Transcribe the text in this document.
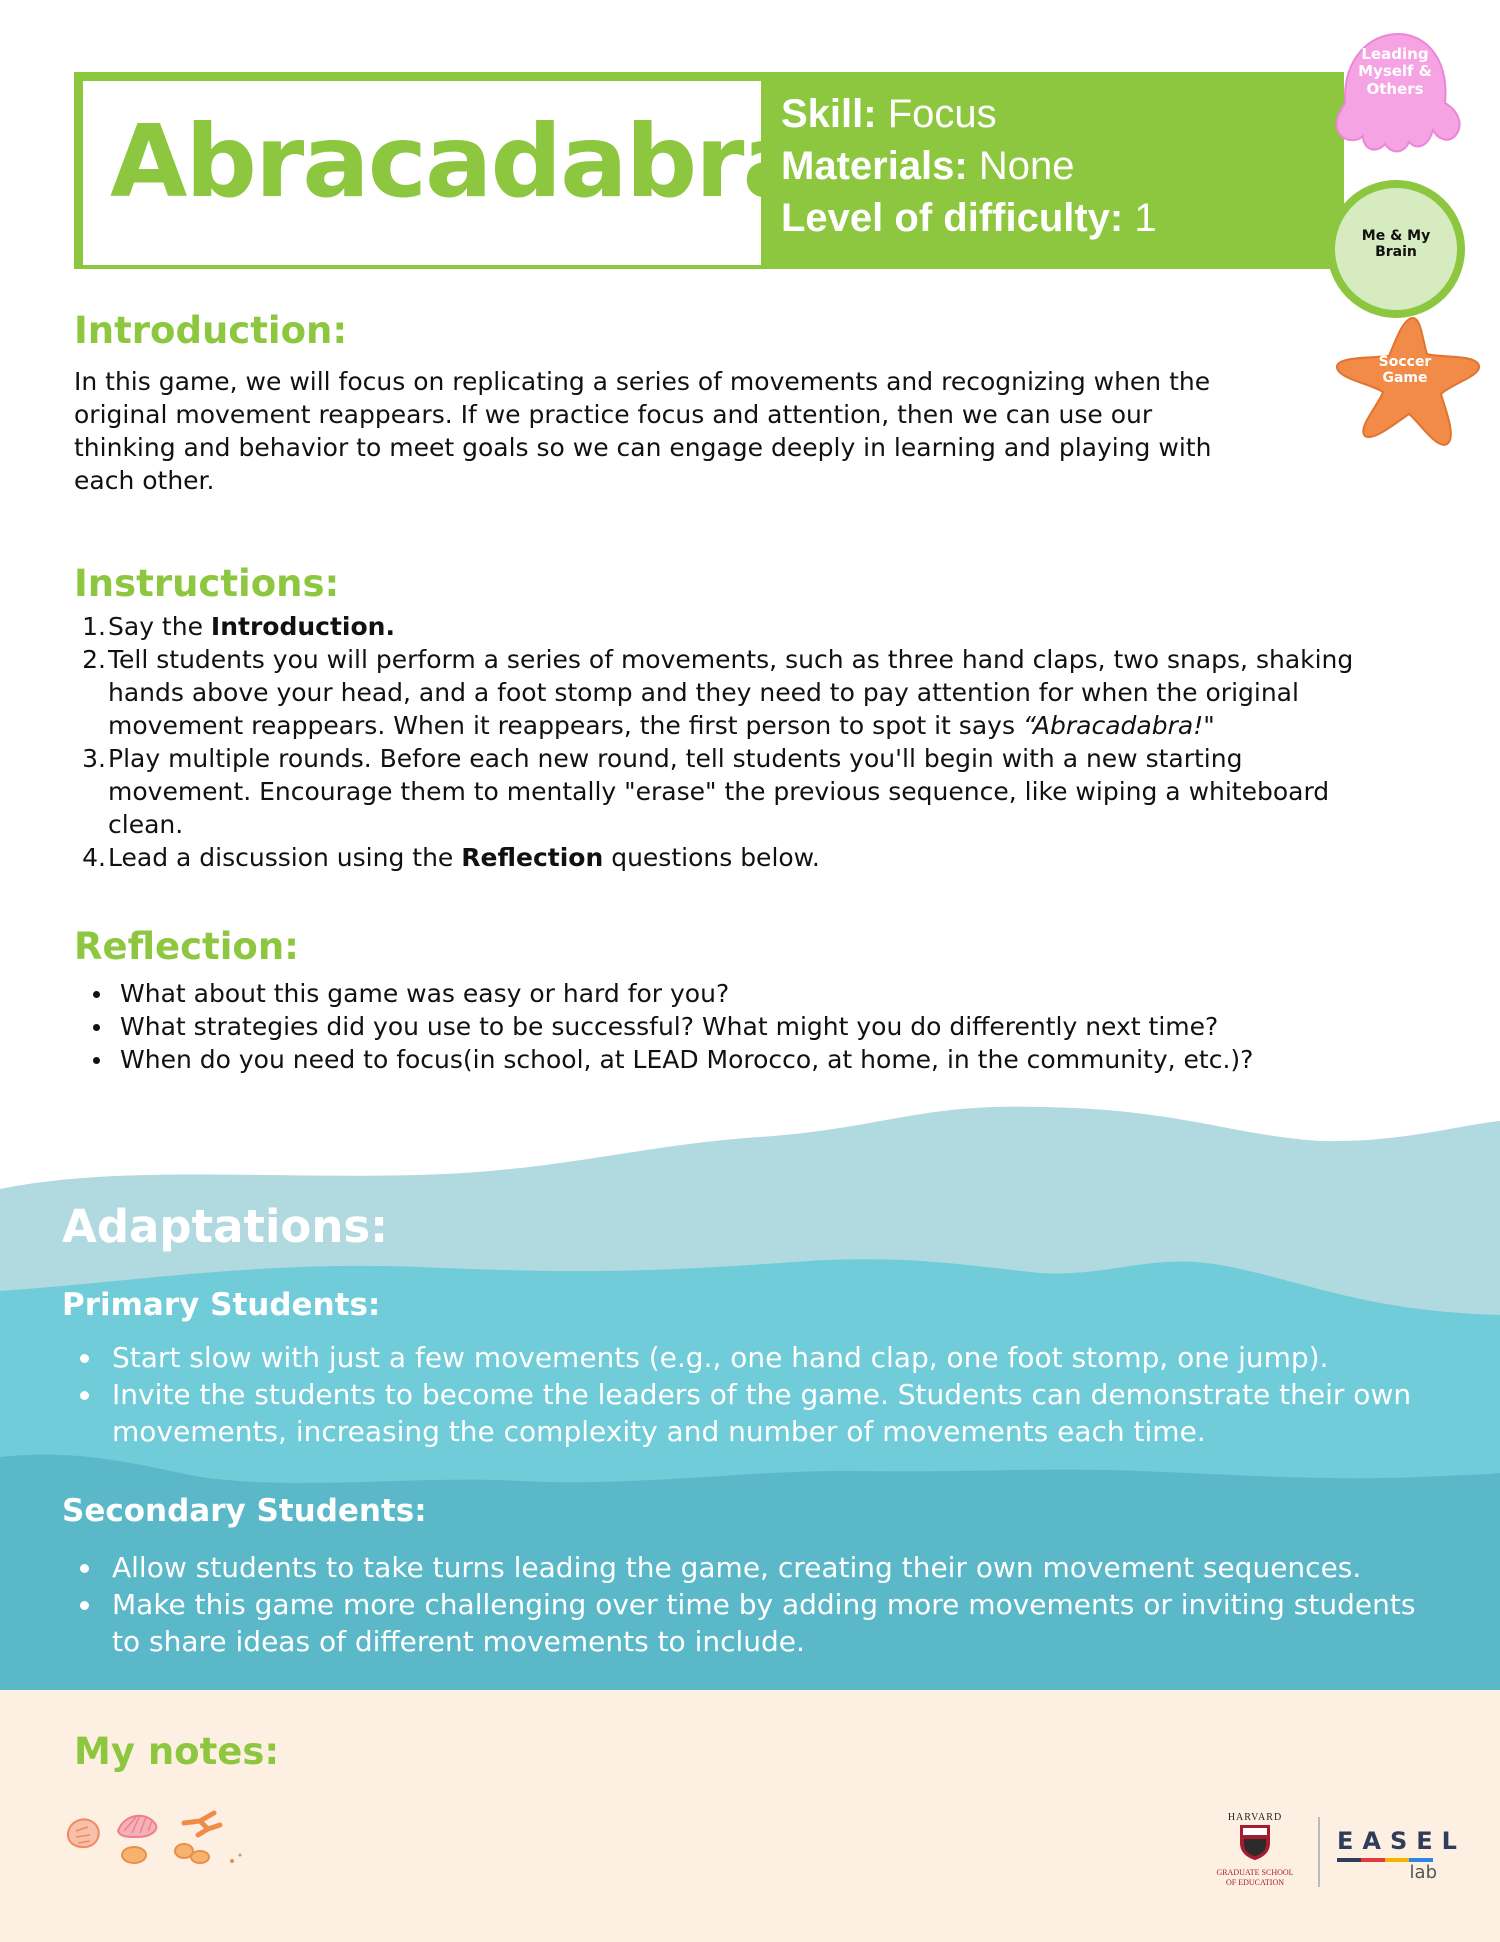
Abracadabra
Skill: Focus
Materials: None
Level of difficulty: 1
Leading
Myself &
Others
Me & My
Brain
Soccer
Game
Introduction:
In this game, we will focus on replicating a series of movements and recognizing when the original movement reappears. If we practice focus and attention, then we can use our thinking and behavior to meet goals so we can engage deeply in learning and playing with each other.
Instructions:
1. Say the Introduction.
2. Tell students you will perform a series of movements, such as three hand claps, two snaps, shaking hands above your head, and a foot stomp and they need to pay attention for when the original movement reappears. When it reappears, the first person to spot it says “Abracadabra!"
3. Play multiple rounds. Before each new round, tell students you'll begin with a new starting movement. Encourage them to mentally "erase" the previous sequence, like wiping a whiteboard clean.
4. Lead a discussion using the Reflection questions below.
Reflection:
What about this game was easy or hard for you?
What strategies did you use to be successful? What might you do differently next time?
When do you need to focus(in school, at LEAD Morocco, at home, in the community, etc.)?
Adaptations:
Primary Students:
Start slow with just a few movements (e.g., one hand clap, one foot stomp, one jump).
Invite the students to become the leaders of the game. Students can demonstrate their own movements, increasing the complexity and number of movements each time.
Secondary Students:
Allow students to take turns leading the game, creating their own movement sequences.
Make this game more challenging over time by adding more movements or inviting students to share ideas of different movements to include.
My notes:
HARVARD
GRADUATE SCHOOL
OF EDUCATION
EASEL
lab
